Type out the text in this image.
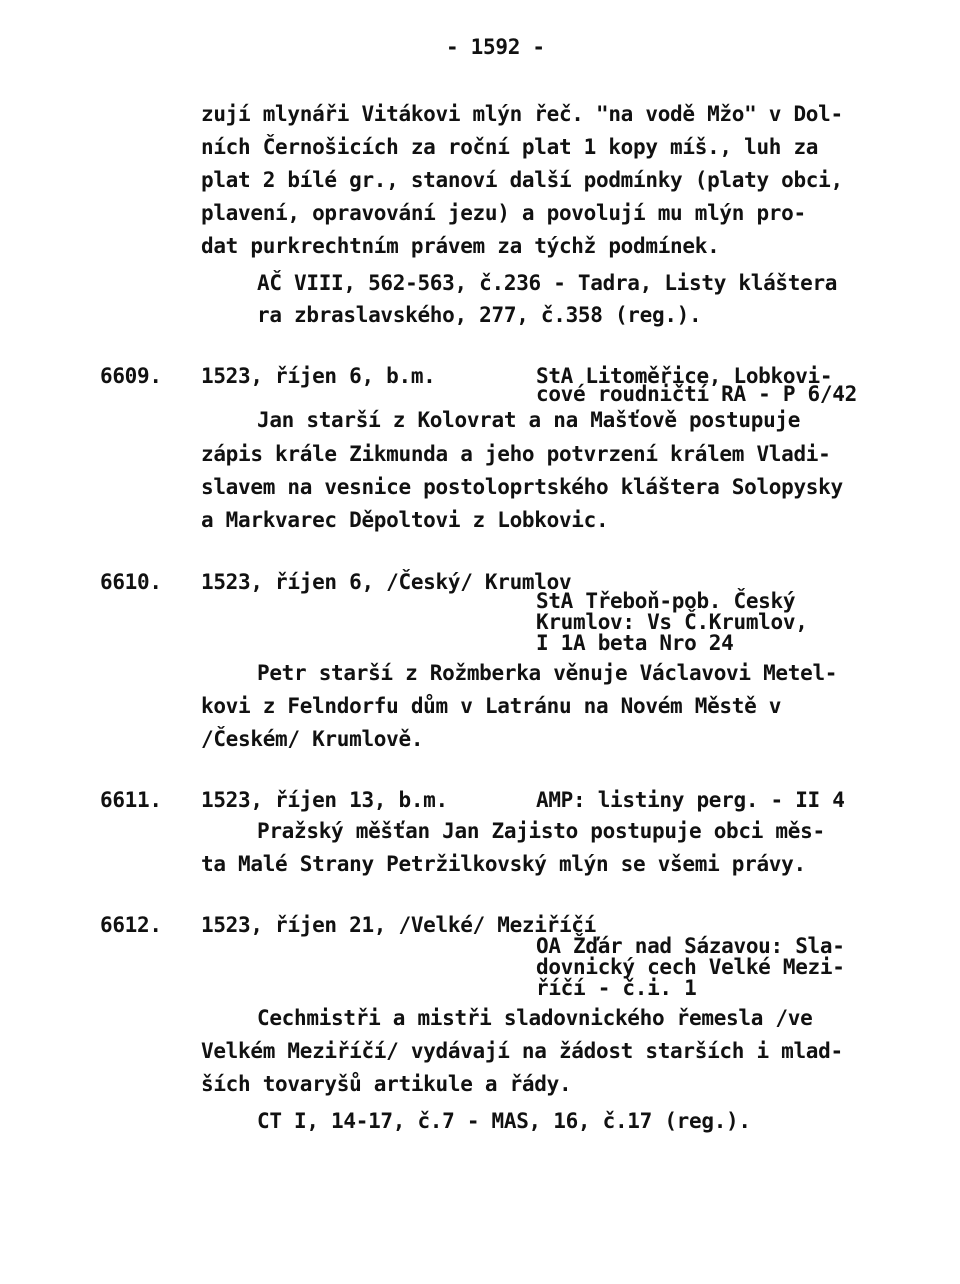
- 1592 -
zují mlynáři Vitákovi mlýn řeč. "na vodě Mžo" v Dol-
ních Černošicích za roční plat 1 kopy míš., luh za
plat 2 bílé gr., stanoví další podmínky (platy obci,
plavení, opravování jezu) a povolují mu mlýn pro-
dat purkrechtním právem za týchž podmínek.
AČ VIII, 562-563, č.236 - Tadra, Listy kláštera
ra zbraslavského, 277, č.358 (reg.).
6609. 1523, říjen 6, b.m.	StA Litoměřice, Lobkovi-
cové roudničtí RA - P 6/42
Jan starší z Kolovrat a na Mašťově postupuje
zápis krále Zikmunda a jeho potvrzení králem Vladi-
slavem na vesnice postoloprtského kláštera Solopysky
a Markvarec Děpoltovi z Lobkovic.
6610. 1523, říjen 6, /Český/ Krumlov
StA Třeboň-pob. Český
Krumlov: Vs Č.Krumlov,
I 1A beta Nro 24
Petr starší z Rožmberka věnuje Václavovi Metel-
kovi z Felndorfu dům v Latránu na Novém Městě v
/Českém/ Krumlově.
6611. 1523, říjen 13, b.m.	AMP: listiny perg. - II 4
Pražský měšťan Jan Zajisto postupuje obci měs-
ta Malé Strany Petržilkovský mlýn se všemi právy.
6612. 1523, říjen 21, /Velké/ Meziříčí
OA Žďár nad Sázavou: Sla-
dovnický cech Velké Mezi-
říčí - č.i. 1
Cechmistři a mistři sladovnického řemesla /ve
Velkém Meziříčí/ vydávají na žádost starších i mlad-
ších tovaryšů artikule a řády.
CT I, 14-17, č.7 - MAS, 16, č.17 (reg.).
